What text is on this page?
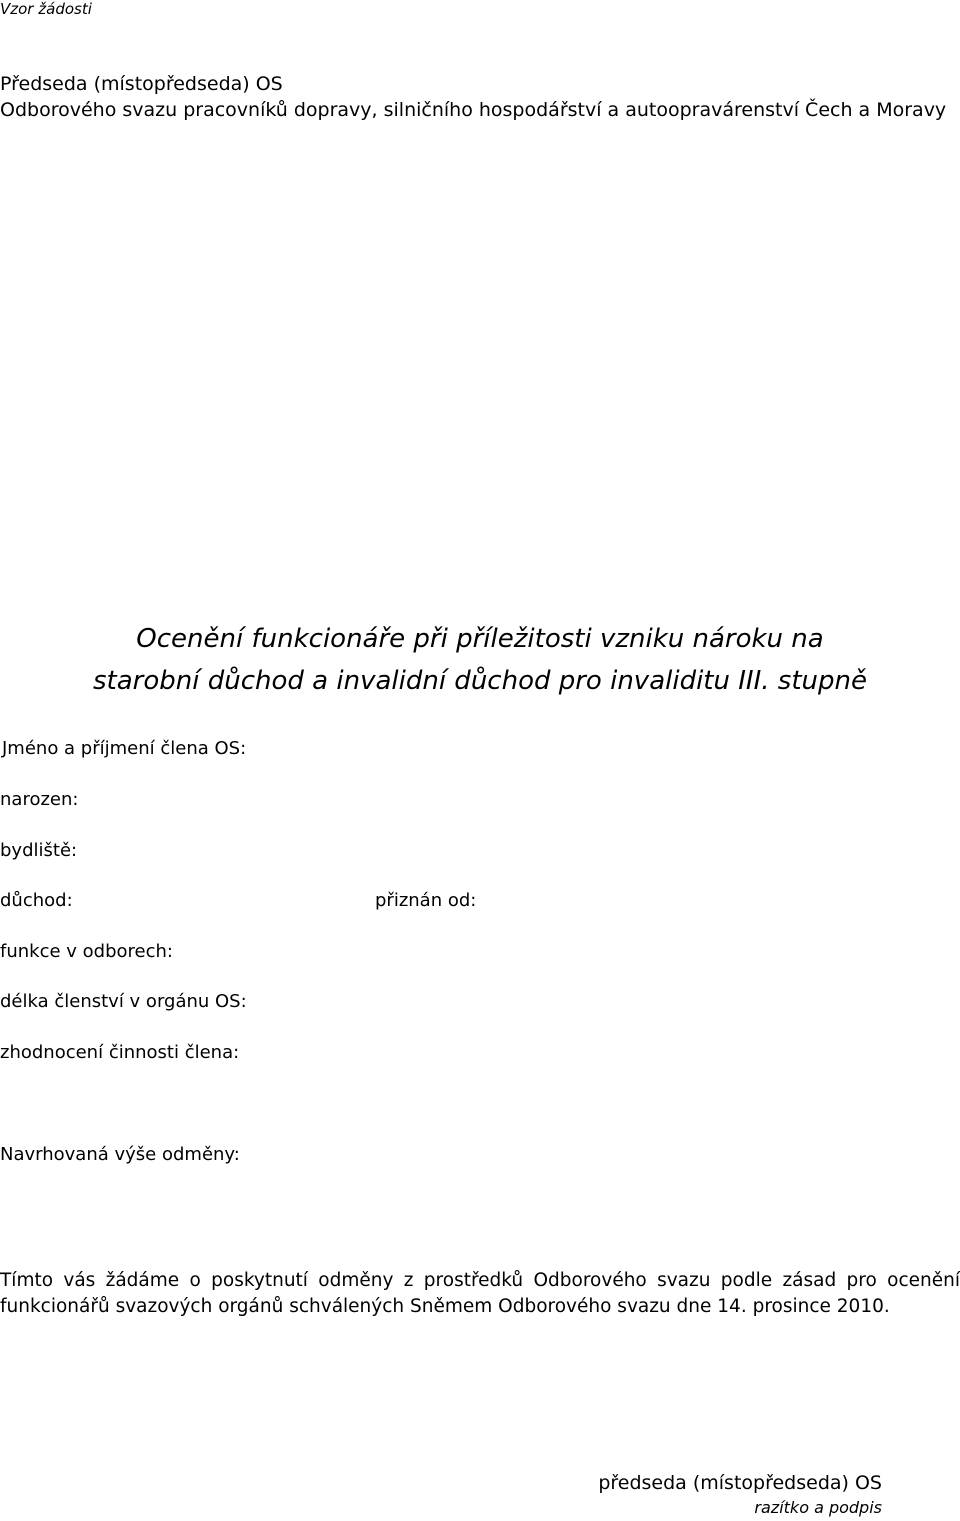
Vzor žádosti
Předseda (místopředseda) OS
Odborového svazu pracovníků dopravy, silničního hospodářství a autoopravárenství Čech a Moravy
Ocenění funkcionáře při příležitosti vzniku nároku na
starobní důchod a invalidní důchod pro invaliditu III. stupně
Jméno a příjmení člena OS:
narozen:
bydliště:
důchod:	přiznán od:
funkce v odborech:
délka členství v orgánu OS:
zhodnocení činnosti člena:
Navrhovaná výše odměny:
Tímto vás žádáme o poskytnutí odměny z prostředků Odborového svazu podle zásad pro ocenění funkcionářů svazových orgánů schválených Sněmem Odborového svazu dne 14. prosince 2010.
předseda (místopředseda) OS
razítko a podpis
